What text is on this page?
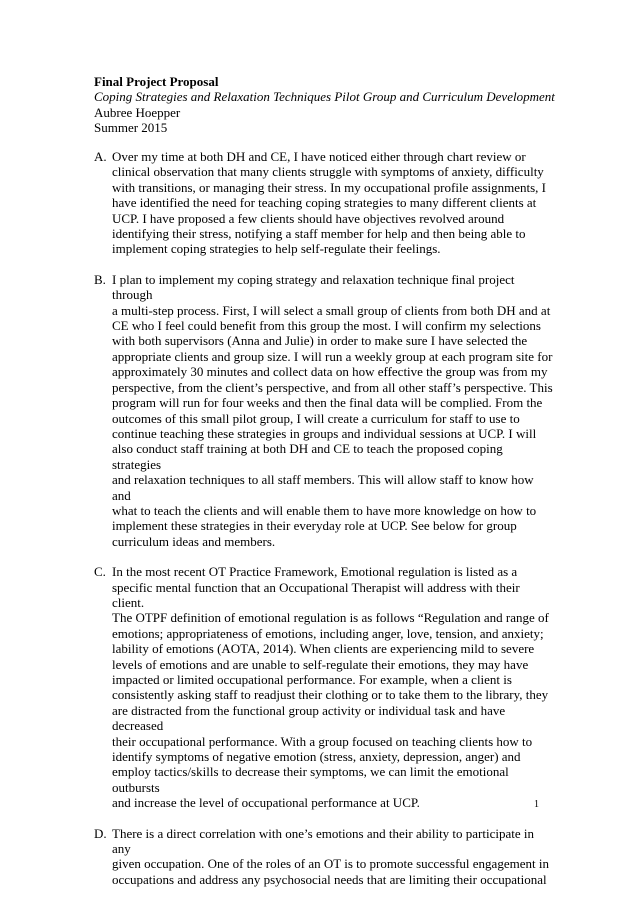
Final Project Proposal
Coping Strategies and Relaxation Techniques Pilot Group and Curriculum Development
Aubree Hoepper
Summer 2015
A. Over my time at both DH and CE, I have noticed either through chart review or
clinical observation that many clients struggle with symptoms of anxiety, difficulty
with transitions, or managing their stress. In my occupational profile assignments, I
have identified the need for teaching coping strategies to many different clients at
UCP. I have proposed a few clients should have objectives revolved around
identifying their stress, notifying a staff member for help and then being able to
implement coping strategies to help self-regulate their feelings.
B. I plan to implement my coping strategy and relaxation technique final project through
a multi-step process. First, I will select a small group of clients from both DH and at
CE who I feel could benefit from this group the most. I will confirm my selections
with both supervisors (Anna and Julie) in order to make sure I have selected the
appropriate clients and group size. I will run a weekly group at each program site for
approximately 30 minutes and collect data on how effective the group was from my
perspective, from the client’s perspective, and from all other staff’s perspective. This
program will run for four weeks and then the final data will be complied. From the
outcomes of this small pilot group, I will create a curriculum for staff to use to
continue teaching these strategies in groups and individual sessions at UCP. I will
also conduct staff training at both DH and CE to teach the proposed coping strategies
and relaxation techniques to all staff members. This will allow staff to know how and
what to teach the clients and will enable them to have more knowledge on how to
implement these strategies in their everyday role at UCP. See below for group
curriculum ideas and members.
C. In the most recent OT Practice Framework, Emotional regulation is listed as a
specific mental function that an Occupational Therapist will address with their client.
The OTPF definition of emotional regulation is as follows “Regulation and range of
emotions; appropriateness of emotions, including anger, love, tension, and anxiety;
lability of emotions (AOTA, 2014). When clients are experiencing mild to severe
levels of emotions and are unable to self-regulate their emotions, they may have
impacted or limited occupational performance. For example, when a client is
consistently asking staff to readjust their clothing or to take them to the library, they
are distracted from the functional group activity or individual task and have decreased
their occupational performance. With a group focused on teaching clients how to
identify symptoms of negative emotion (stress, anxiety, depression, anger) and
employ tactics/skills to decrease their symptoms, we can limit the emotional outbursts
and increase the level of occupational performance at UCP.
D. There is a direct correlation with one’s emotions and their ability to participate in any
given occupation. One of the roles of an OT is to promote successful engagement in
occupations and address any psychosocial needs that are limiting their occupational
1
